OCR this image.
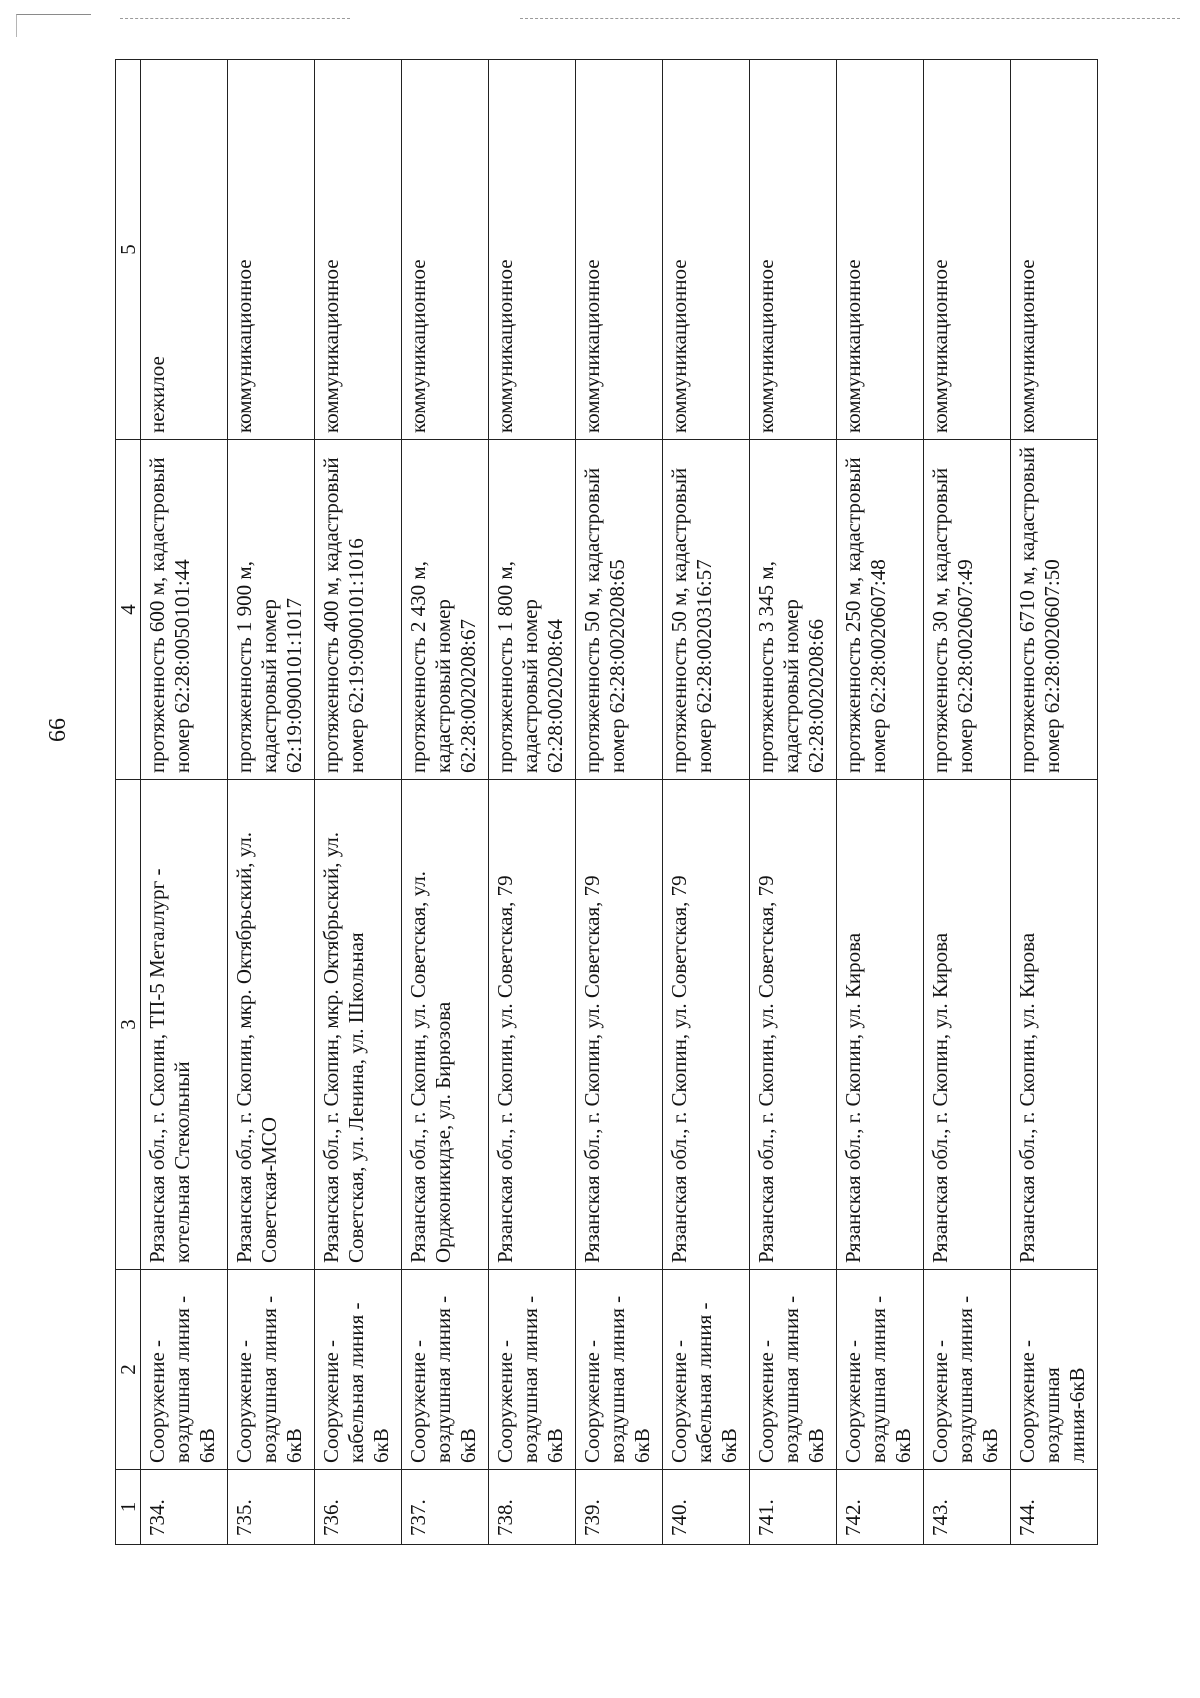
66
1	2	3	4	5
734.	Сооружение - воздушная линия - 6кВ	Рязанская обл., г. Скопин, ТП-5 Металлург - котельная Стекольный	протяженность 600 м, кадастровый номер 62:28:0050101:44	нежилое
735.	Сооружение - воздушная линия - 6кВ	Рязанская обл., г. Скопин, мкр. Октябрьский, ул. Советская-МСО	протяженность 1 900 м, кадастровый номер 62:19:0900101:1017	коммуникационное
736.	Сооружение - кабельная линия - 6кВ	Рязанская обл., г. Скопин, мкр. Октябрьский, ул. Советская, ул. Ленина, ул. Школьная	протяженность 400 м, кадастровый номер 62:19:0900101:1016	коммуникационное
737.	Сооружение - воздушная линия - 6кВ	Рязанская обл., г. Скопин, ул. Советская, ул. Орджоникидзе, ул. Бирюзова	протяженность 2 430 м, кадастровый номер 62:28:0020208:67	коммуникационное
738.	Сооружение - воздушная линия - 6кВ	Рязанская обл., г. Скопин, ул. Советская, 79	протяженность 1 800 м, кадастровый номер 62:28:0020208:64	коммуникационное
739.	Сооружение - воздушная линия - 6кВ	Рязанская обл., г. Скопин, ул. Советская, 79	протяженность 50 м, кадастровый номер 62:28:0020208:65	коммуникационное
740.	Сооружение - кабельная линия - 6кВ	Рязанская обл., г. Скопин, ул. Советская, 79	протяженность 50 м, кадастровый номер 62:28:0020316:57	коммуникационное
741.	Сооружение - воздушная линия - 6кВ	Рязанская обл., г. Скопин, ул. Советская, 79	протяженность 3 345 м, кадастровый номер 62:28:0020208:66	коммуникационное
742.	Сооружение - воздушная линия - 6кВ	Рязанская обл., г. Скопин, ул. Кирова	протяженность 250 м, кадастровый номер 62:28:0020607:48	коммуникационное
743.	Сооружение - воздушная линия - 6кВ	Рязанская обл., г. Скопин, ул. Кирова	протяженность 30 м, кадастровый номер 62:28:0020607:49	коммуникационное
744.	Сооружение - воздушная линия-6кВ	Рязанская обл., г. Скопин, ул. Кирова	протяженность 6710 м, кадастровый номер 62:28:0020607:50	коммуникационное
